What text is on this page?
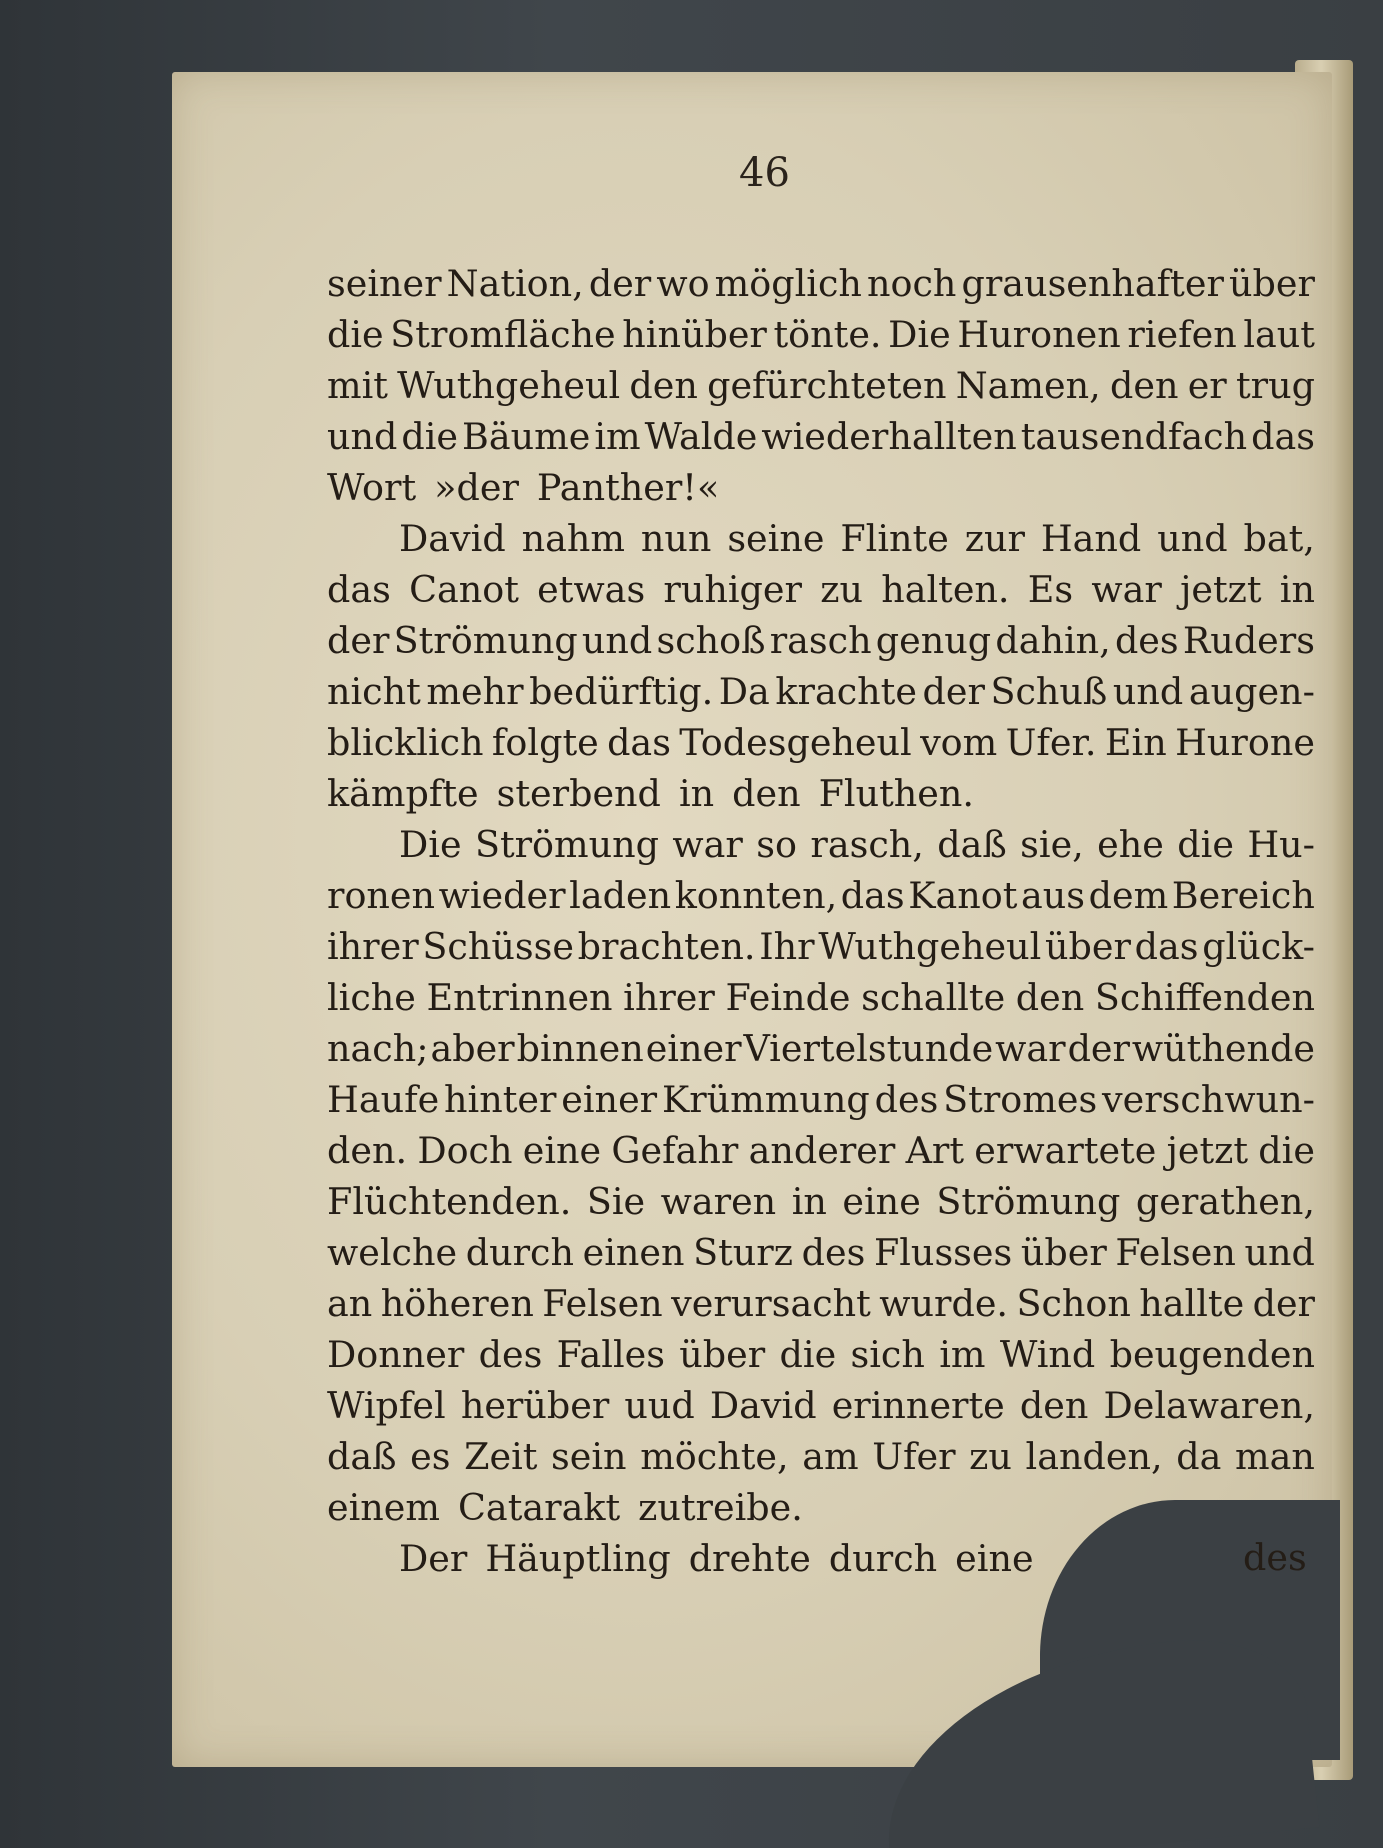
46
seiner Nation, der wo möglich noch grausenhafter über
die Stromfläche hinüber tönte. Die Huronen riefen laut
mit Wuthgeheul den gefürchteten Namen, den er trug
und die Bäume im Walde wiederhallten tausendfach das
Wort »der Panther!«
David nahm nun seine Flinte zur Hand und bat,
das Canot etwas ruhiger zu halten. Es war jetzt in
der Strömung und schoß rasch genug dahin, des Ruders
nicht mehr bedürftig. Da krachte der Schuß und augen-
blicklich folgte das Todesgeheul vom Ufer. Ein Hurone
kämpfte sterbend in den Fluthen.
Die Strömung war so rasch, daß sie, ehe die Hu-
ronen wieder laden konnten, das Kanot aus dem Bereich
ihrer Schüsse brachten. Ihr Wuthgeheul über das glück-
liche Entrinnen ihrer Feinde schallte den Schiffenden
nach; aber binnen einer Viertelstunde war der wüthende
Haufe hinter einer Krümmung des Stromes verschwun-
den. Doch eine Gefahr anderer Art erwartete jetzt die
Flüchtenden. Sie waren in eine Strömung gerathen,
welche durch einen Sturz des Flusses über Felsen und
an höheren Felsen verursacht wurde. Schon hallte der
Donner des Falles über die sich im Wind beugenden
Wipfel herüber uud David erinnerte den Delawaren,
daß es Zeit sein möchte, am Ufer zu landen, da man
einem Catarakt zutreibe.
Der Häuptling drehte durch eine	des
